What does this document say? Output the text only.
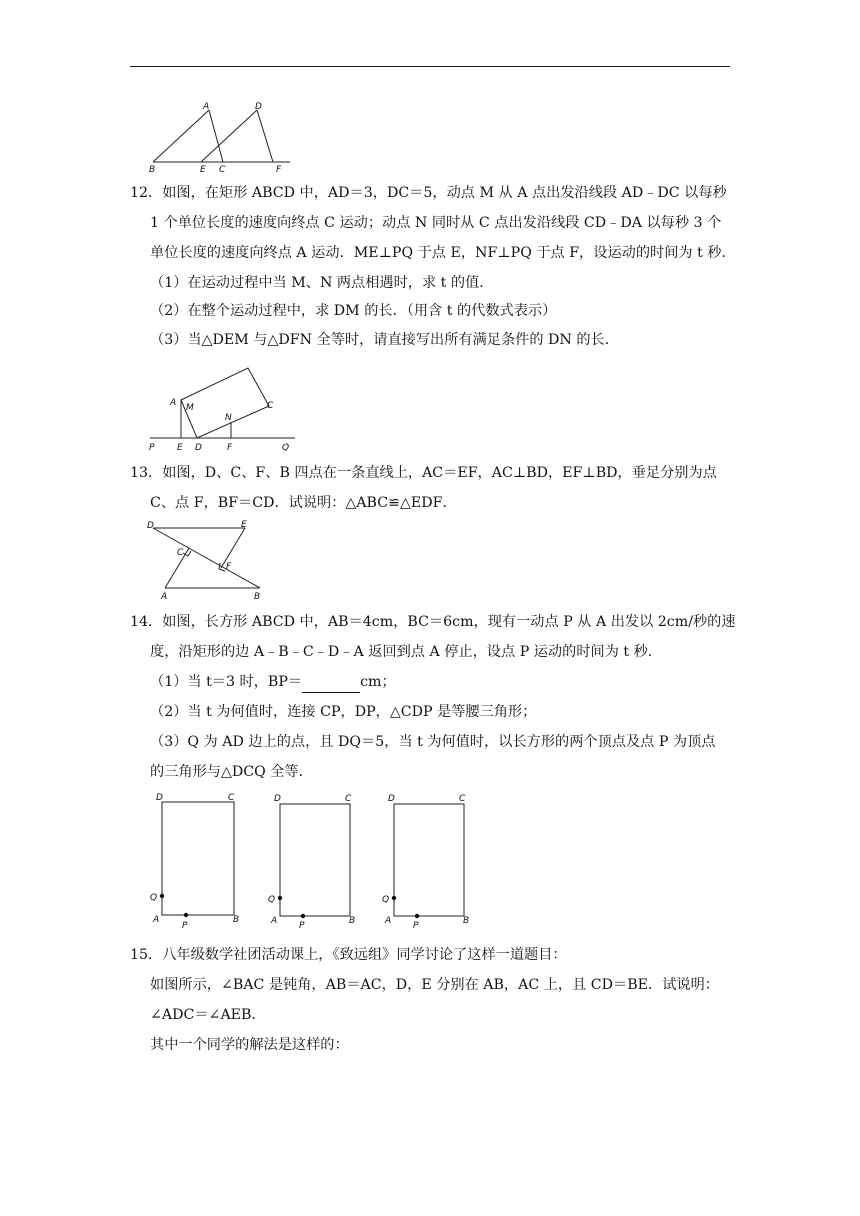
A	D
B	E C	F
12．如图，在矩形 ABCD 中，AD＝3，DC＝5，动点 M 从 A 点出发沿线段 AD﹣DC 以每秒
1 个单位长度的速度向终点 C 运动；动点 N 同时从 C 点出发沿线段 CD﹣DA 以每秒 3 个
单位长度的速度向终点 A 运动．ME⊥PQ 于点 E，NF⊥PQ 于点 F，设运动的时间为 t 秒．
（1）在运动过程中当 M、N 两点相遇时，求 t 的值．
（2）在整个运动过程中，求 DM 的长．（用含 t 的代数式表示）
（3）当△DEM 与△DFN 全等时，请直接写出所有满足条件的 DN 的长．
A M
N
C
P	E D	F	Q
13．如图，D、C、F、B 四点在一条直线上，AC＝EF，AC⊥BD，EF⊥BD，垂足分别为点
C、点 F，BF＝CD．试说明：△ABC≌△EDF．
D	E
C
F
A	B
14．如图，长方形 ABCD 中，AB＝4cm，BC＝6cm，现有一动点 P 从 A 出发以 2cm/秒的速
度，沿矩形的边 A﹣B﹣C﹣D﹣A 返回到点 A 停止，设点 P 运动的时间为 t 秒．
（1）当 t＝3 时，BP＝	cm；
（2）当 t 为何值时，连接 CP，DP，△CDP 是等腰三角形；
（3）Q 为 AD 边上的点，且 DQ＝5，当 t 为何值时，以长方形的两个顶点及点 P 为顶点
的三角形与△DCQ 全等．
D	C
Q
A
P
B
D	C
Q
A P	B
D	C
Q
A P	B
15．八年级数学社团活动课上，《致远组》同学讨论了这样一道题目：
如图所示，∠BAC 是钝角，AB＝AC，D，E 分别在 AB，AC 上，且 CD＝BE．试说明：
∠ADC＝∠AEB．
其中一个同学的解法是这样的：
